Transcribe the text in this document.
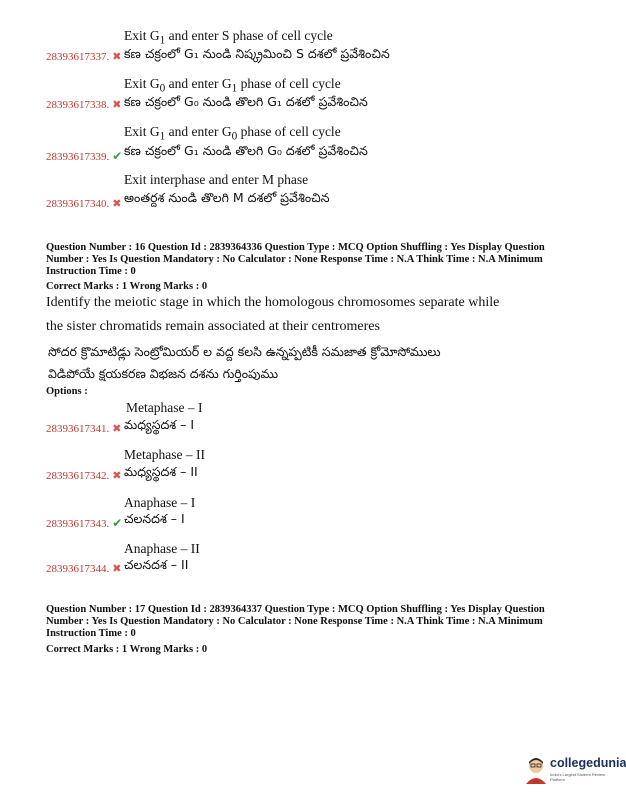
Exit $G_1$ and enter S phase of cell cycle
28393617337. ✖ కణ చక్రంలో G₁ నుండి నిష్క్రమించి S దశలో ప్రవేశించిన
Exit $G_0$ and enter $G_1$ phase of cell cycle
28393617338. ✖ కణ చక్రంలో G₀ నుండి తొలగి G₁ దశలో ప్రవేశించిన
Exit $G_1$ and enter $G_0$ phase of cell cycle
28393617339. ✔ కణ చక్రంలో G₁ నుండి తొలగి G₀ దశలో ప్రవేశించిన
Exit interphase and enter M phase
28393617340. ✖ అంతర్దశ నుండి తొలగి M దశలో ప్రవేశించిన
Question Number : 16 Question Id : 2839364336 Question Type : MCQ Option Shuffling : Yes Display Question Number : Yes Is Question Mandatory : No Calculator : None Response Time : N.A Think Time : N.A Minimum Instruction Time : 0
Correct Marks : 1 Wrong Marks : 0
Identify the meiotic stage in which the homologous chromosomes separate while
the sister chromatids remain associated at their centromeres
సోదర క్రొమాటిడ్లు సెంట్రోమియర్ ల వద్ద కలసి ఉన్నప్పటికీ సమజాత క్రోమోసోములు
విడిపోయే క్షయకరణ విభజన దశను గుర్తింపుము
Options :
Metaphase – I
28393617341. ✖ మధ్యస్థదశ – I
Metaphase – II
28393617342. ✖ మధ్యస్థదశ – II
Anaphase – I
28393617343. ✔ చలనదశ – I
Anaphase – II
28393617344. ✖ చలనదశ – II
Question Number : 17 Question Id : 2839364337 Question Type : MCQ Option Shuffling : Yes Display Question Number : Yes Is Question Mandatory : No Calculator : None Response Time : N.A Think Time : N.A Minimum Instruction Time : 0
Correct Marks : 1 Wrong Marks : 0
collegedunia
India's Largest Student Review Platform
